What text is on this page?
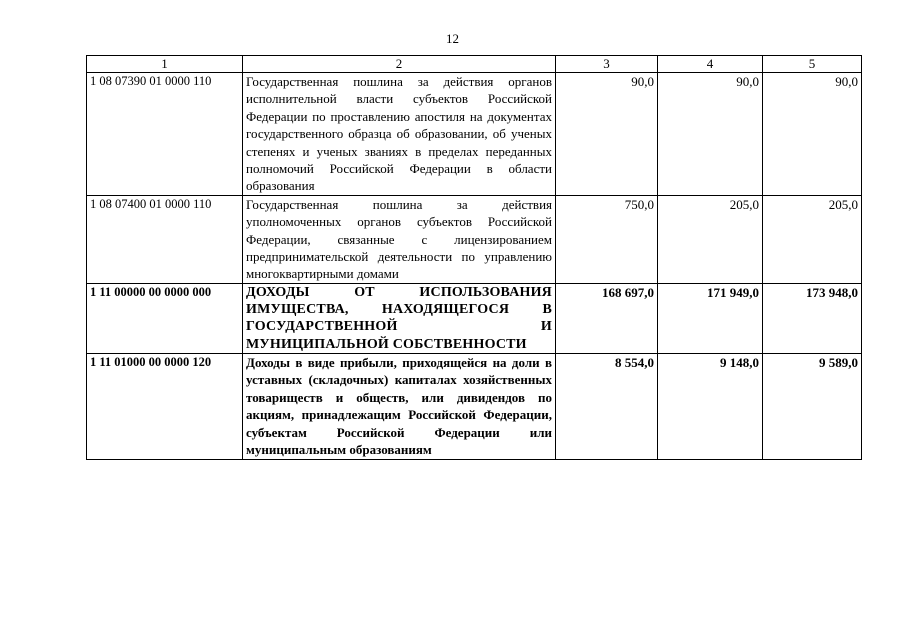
12
1	2	3	4	5
1 08 07390 01 0000 110	Государственная пошлина за действия органов исполнительной власти субъектов Российской Федерации по проставлению апостиля на документах государственного образца об образовании, об ученых степенях и ученых званиях в пределах переданных полномочий Российской Федерации в области образования	90,0	90,0	90,0
1 08 07400 01 0000 110	Государственная пошлина за действия уполномоченных органов субъектов Российской Федерации, связанные с лицензированием предпринимательской деятельности по управлению многоквартирными домами	750,0	205,0	205,0
1 11 00000 00 0000 000	ДОХОДЫ ОТ ИСПОЛЬЗОВАНИЯ ИМУЩЕСТВА, НАХОДЯЩЕГОСЯ В ГОСУДАРСТВЕННОЙ И МУНИЦИПАЛЬНОЙ СОБСТВЕННОСТИ	168 697,0	171 949,0	173 948,0
1 11 01000 00 0000 120	Доходы в виде прибыли, приходящейся на доли в уставных (складочных) капиталах хозяйственных товариществ и обществ, или дивидендов по акциям, принадлежащим Российской Федерации, субъектам Российской Федерации или муниципальным образованиям	8 554,0	9 148,0	9 589,0
